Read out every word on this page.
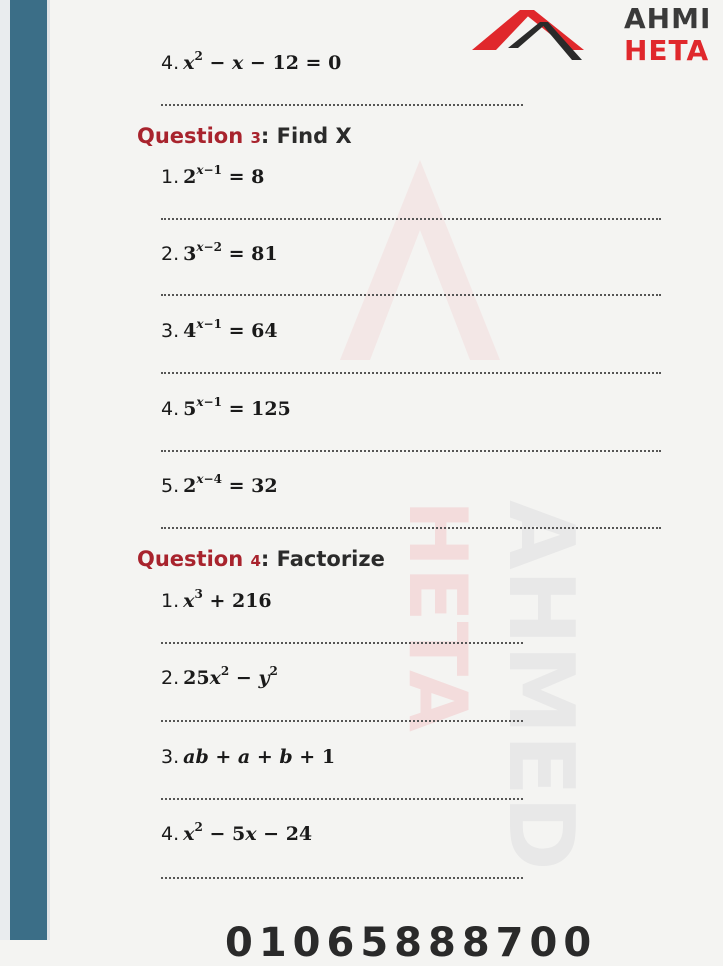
AHMED
HETA
AHMI
HETA
4. $x^2 - x - 12 = 0$
Question 3: Find X
1. $2^{x-1} = 8$
2. $3^{x-2} = 81$
3. $4^{x-1} = 64$
4. $5^{x-1} = 125$
5. $2^{x-4} = 32$
Question 4: Factorize
1. $x^3 + 216$
2. $25x^2 - y^2$
3. ab + a + b + 1
4. $x^2 - 5x - 24$
01065888700
